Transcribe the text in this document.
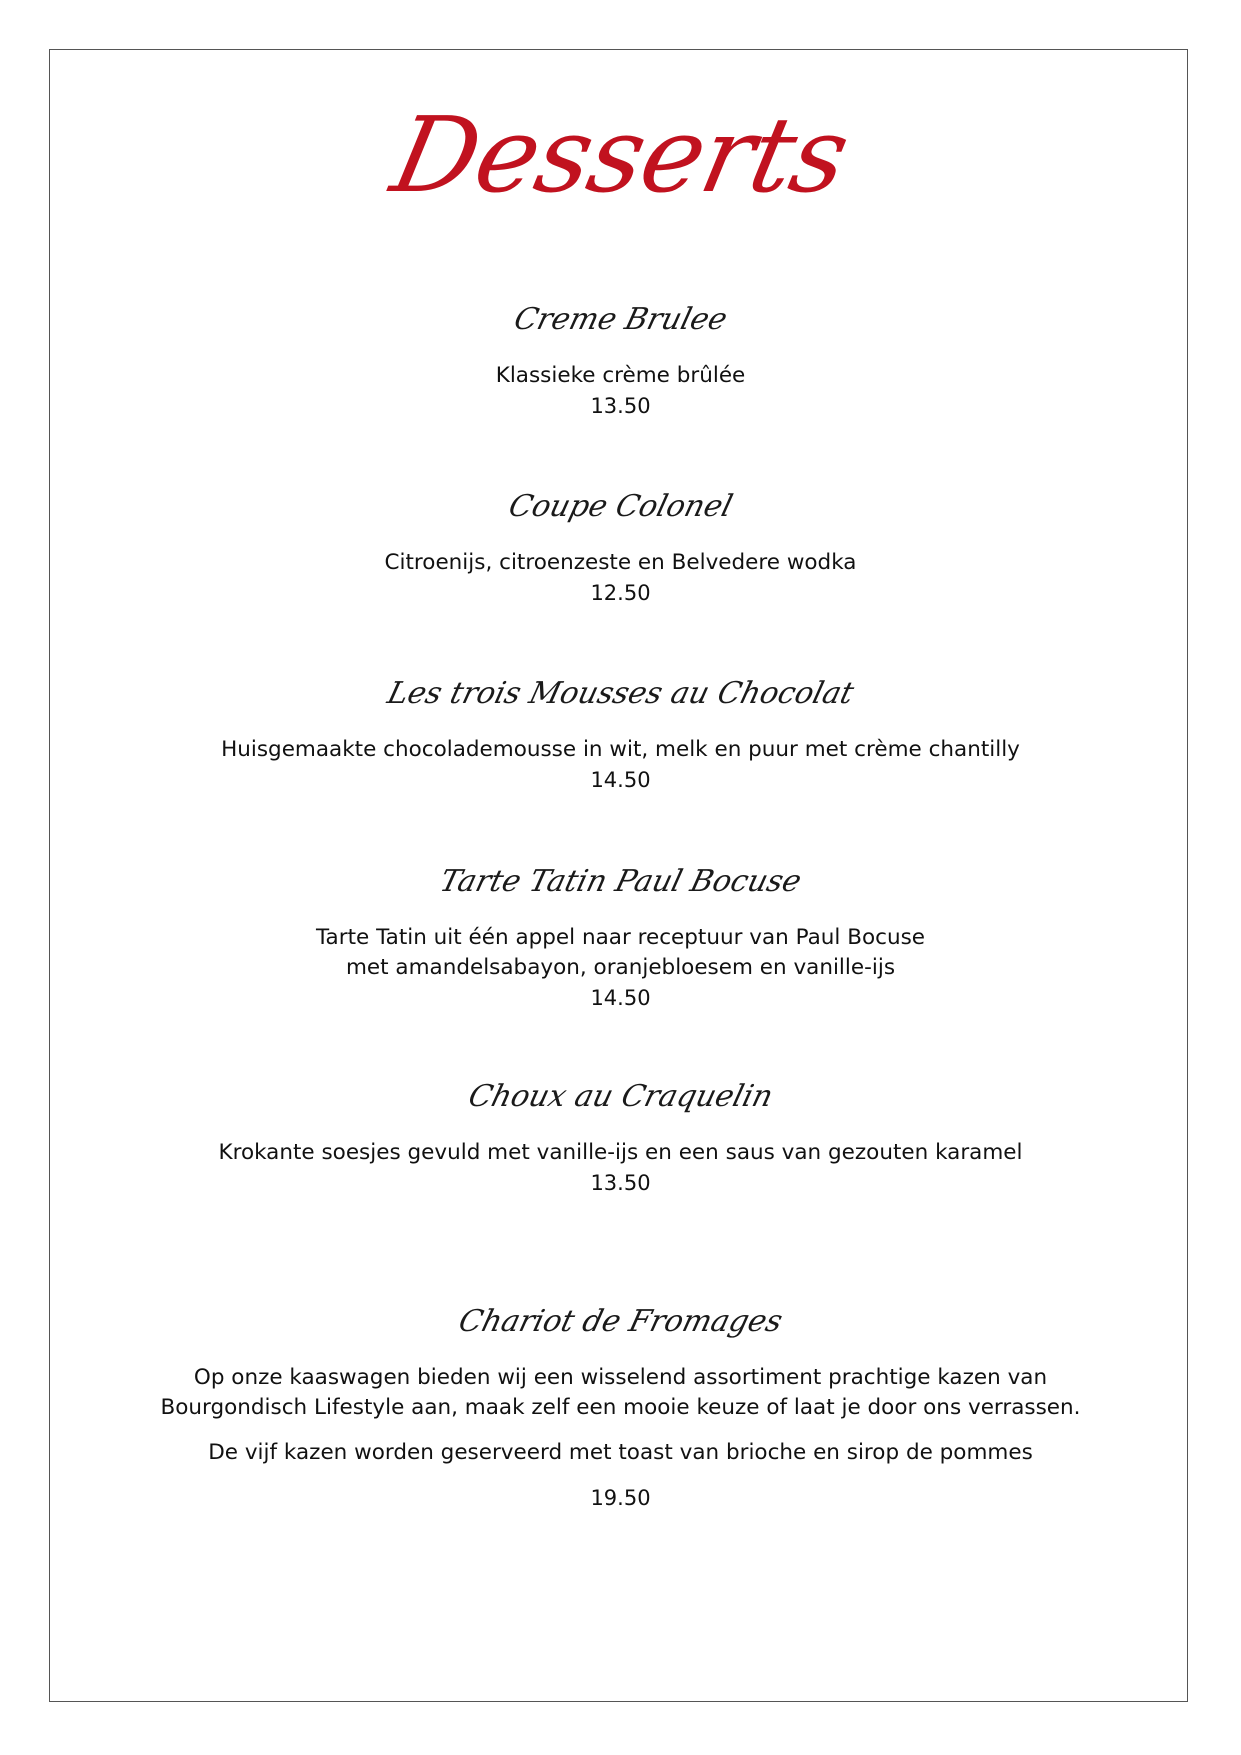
Desserts
Creme Brulee
Klassieke crème brûlée
13.50
Coupe Colonel
Citroenijs, citroenzeste en Belvedere wodka
12.50
Les trois Mousses au Chocolat
Huisgemaakte chocolademousse in wit, melk en puur met crème chantilly
14.50
Tarte Tatin Paul Bocuse
Tarte Tatin uit één appel naar receptuur van Paul Bocuse
met amandelsabayon, oranjebloesem en vanille-ijs
14.50
Choux au Craquelin
Krokante soesjes gevuld met vanille-ijs en een saus van gezouten karamel
13.50
Chariot de Fromages
Op onze kaaswagen bieden wij een wisselend assortiment prachtige kazen van
Bourgondisch Lifestyle aan, maak zelf een mooie keuze of laat je door ons verrassen.
De vijf kazen worden geserveerd met toast van brioche en sirop de pommes
19.50
